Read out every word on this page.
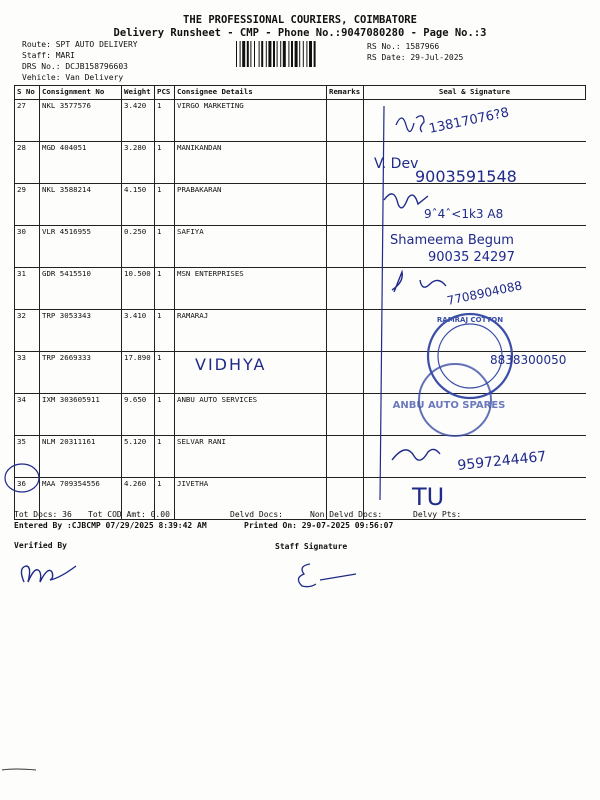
THE PROFESSIONAL COURIERS, COIMBATORE
Delivery Runsheet - CMP - Phone No.:9047080280 - Page No.:3
Route: SPT AUTO DELIVERY
Staff: MARI
DRS No.: DCJB158796603
Vehicle: Van Delivery
RS No.: 1587966
RS Date: 29-Jul-2025
S No	Consignment No	Weight	PCS	Consignee Details	Remarks	Seal & Signature
27	NKL 3577576	3.420	1	VIRGO MARKETING		
28	MGD 404051	3.280	1	MANIKANDAN		
29	NKL 3588214	4.150	1	PRABAKARAN		
30	VLR 4516955	0.250	1	SAFIYA		
31	GDR 5415510	10.500	1	MSN ENTERPRISES		
32	TRP 3053343	3.410	1	RAMARAJ		
33	TRP 2669333	17.890	1			
34	IXM 303605911	9.650	1	ANBU AUTO SERVICES		
35	NLM 20311161	5.120	1	SELVAR RANI		
36	MAA 709354556	4.260	1	JIVETHA		
13817076?8
V. Dev
9003591548
9ˆ4ˆ<1k3 A8
Shameema Begum
90035 24297
7708904088
RAMRAJ COTTON
ANBU AUTO SPARES
VIDHYA	8838300050
9597244467
TU
Tot Docs: 36 Tot COD Amt: 0.00	Delvd Docs:	Non Delvd Docs:	Delvy Pts:
Entered By :CJBCMP 07/29/2025 8:39:42 AM	Printed On: 29-07-2025 09:56:07
Verified By	Staff Signature
